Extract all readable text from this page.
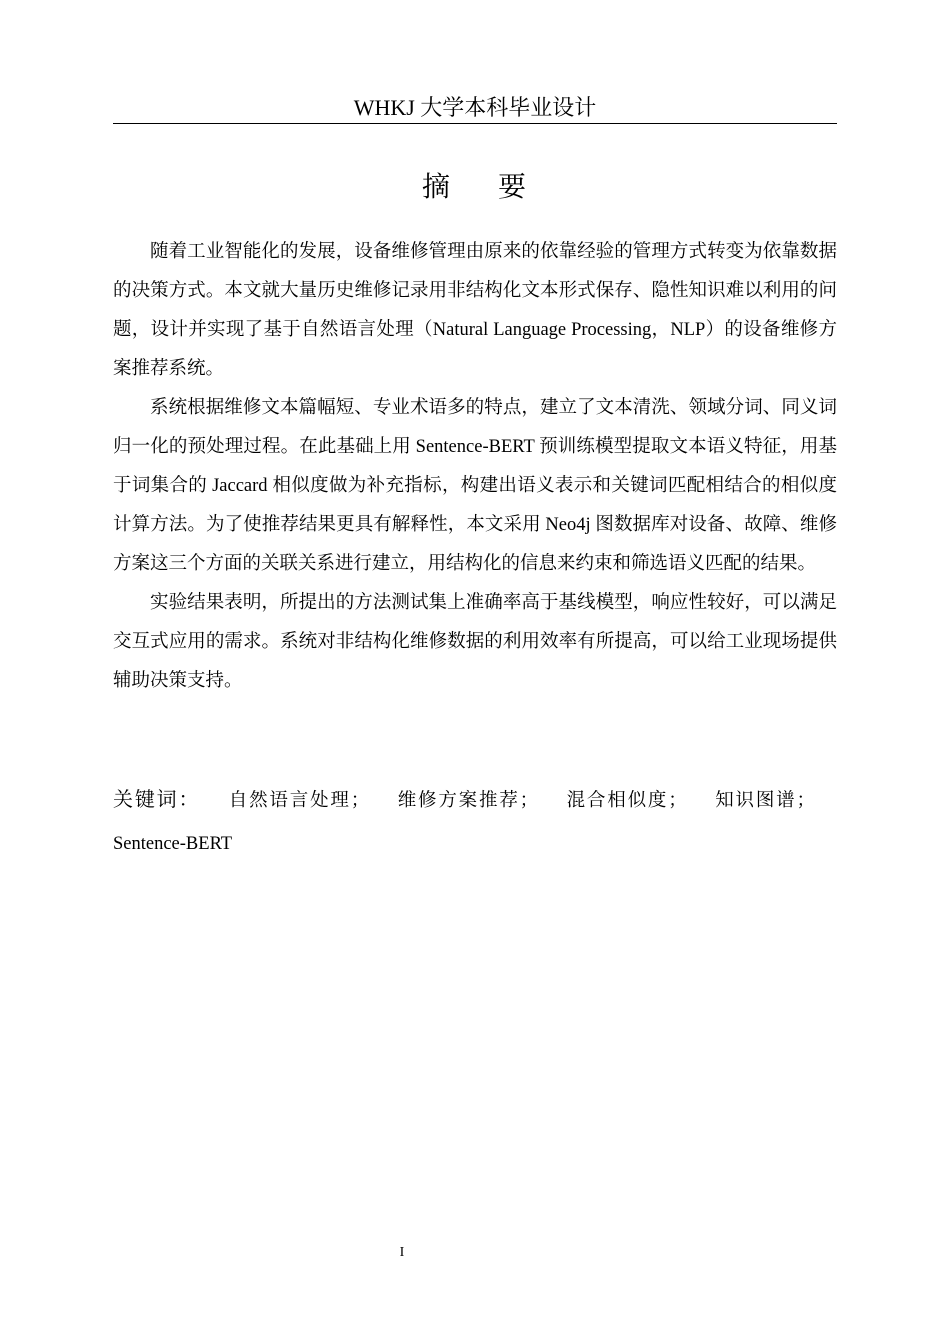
WHKJ 大学本科毕业设计
摘 要

随着工业智能化的发展，设备维修管理由原来的依靠经验的管理方式转变为依靠数据的决策方式。本文就大量历史维修记录用非结构化文本形式保存、隐性知识难以利用的问题，设计并实现了基于自然语言处理（Natural Language Processing，NLP）的设备维修方案推荐系统。

系统根据维修文本篇幅短、专业术语多的特点，建立了文本清洗、领域分词、同义词归一化的预处理过程。在此基础上用 Sentence-BERT 预训练模型提取文本语义特征，用基于词集合的 Jaccard 相似度做为补充指标，构建出语义表示和关键词匹配相结合的相似度计算方法。为了使推荐结果更具有解释性，本文采用 Neo4j 图数据库对设备、故障、维修方案这三个方面的关联关系进行建立，用结构化的信息来约束和筛选语义匹配的结果。

实验结果表明，所提出的方法测试集上准确率高于基线模型，响应性较好，可以满足交互式应用的需求。系统对非结构化维修数据的利用效率有所提高，可以给工业现场提供辅助决策支持。

关键词： 自然语言处理； 维修方案推荐； 混合相似度； 知识图谱； Sentence-BERT
I
